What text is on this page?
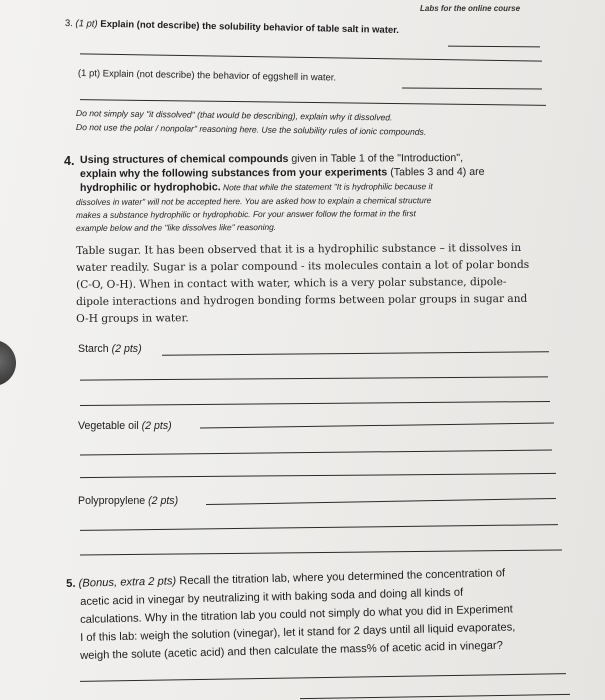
Labs for the online course
3. (1 pt) Explain (not describe) the solubility behavior of table salt in water.
(1 pt) Explain (not describe) the behavior of eggshell in water.
Do not simply say "it dissolved" (that would be describing), explain why it dissolved.
Do not use the polar / nonpolar" reasoning here. Use the solubility rules of ionic compounds.
4. Using structures of chemical compounds given in Table 1 of the "Introduction",
explain why the following substances from your experiments (Tables 3 and 4) are
hydrophilic or hydrophobic. Note that while the statement "It is hydrophilic because it
dissolves in water" will not be accepted here. You are asked how to explain a chemical structure
makes a substance hydrophilic or hydrophobic. For your answer follow the format in the first
example below and the "like dissolves like" reasoning.
Table sugar. It has been observed that it is a hydrophilic substance – it dissolves in
water readily. Sugar is a polar compound - its molecules contain a lot of polar bonds
(C-O, O-H). When in contact with water, which is a very polar substance, dipole-
dipole interactions and hydrogen bonding forms between polar groups in sugar and
O-H groups in water.
Starch (2 pts)
Vegetable oil (2 pts)
Polypropylene (2 pts)
5. (Bonus, extra 2 pts) Recall the titration lab, where you determined the concentration of
acetic acid in vinegar by neutralizing it with baking soda and doing all kinds of
calculations. Why in the titration lab you could not simply do what you did in Experiment
I of this lab: weigh the solution (vinegar), let it stand for 2 days until all liquid evaporates,
weigh the solute (acetic acid) and then calculate the mass% of acetic acid in vinegar?
